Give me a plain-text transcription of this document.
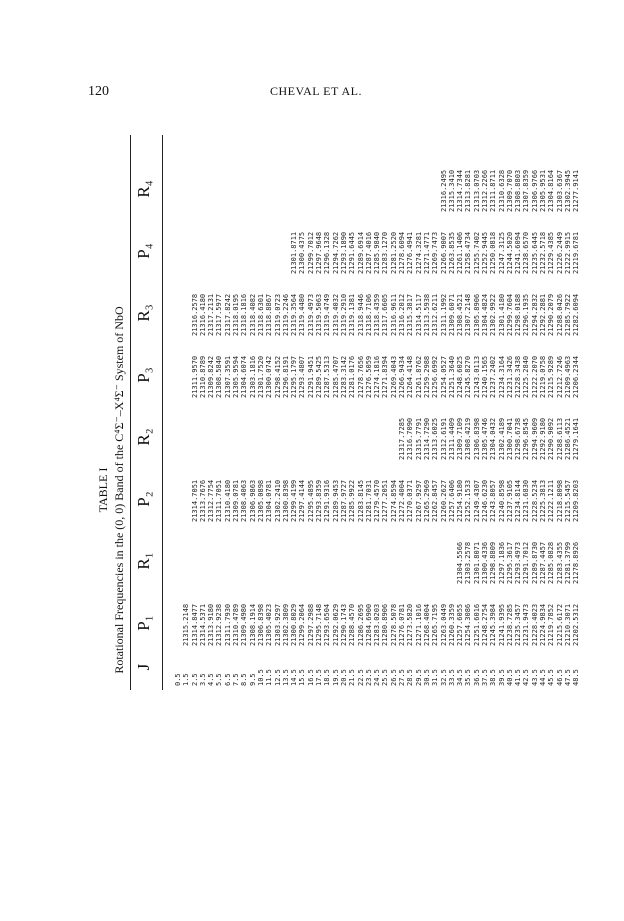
120	CHEVAL ET AL.
TABLE I Rotational Frequencies in the (0, 0) Band of the C⁴Σ⁻–X⁴Σ⁻ System of NbO J
P₁
R₁
P₂
R₂
P₃
R₃
P₄
R₄
0.5 1.5 2.5 3.5 4.5 5.5 6.5 7.5 8.5 9.5 10.5 11.5 12.5 13.5 14.5 15.5 16.5 17.5 18.5 19.5 20.5 21.5 22.5 23.5 24.5 25.5 26.5 27.5 28.5 29.5 30.5 31.5 32.5 33.5 34.5 35.5 36.5 37.5 38.5 39.5 40.5 41.5 42.5 43.5 44.5 45.5 46.5 47.5 48.5

21315.2148 21314.8477 21314.5371 21313.9180 21312.9238 21311.7930 21310.4789 21309.4980 21308.1914 21306.8398 21305.4023 21303.9297 21302.3809 21300.8029 21299.2064 21297.2988 21295.7148 21293.6504 21292.0629 21290.1743 21288.4570 21286.2695 21284.6900 21283.0203 21280.8906 21278.5078 21276.0781 21273.5820 21271.1016 21268.4004 21265.7195 21263.0449 21260.3359 21257.6055 21254.3086 21251.6016 21248.2754 21245.3984 21241.9395 21238.7285 21235.3457 21231.9473 21228.4023 21224.9834 21219.7852 21215.6172 21210.3071 21202.5312

21304.5566 21303.2578 21301.8071 21300.4336 21298.8809 21297.1836 21295.3617 21293.4973 21291.7012 21289.8730 21287.4457 21285.0828 21283.4355 21281.3799 21278.8926

21314.7051 21313.7676 21312.7754 21311.7051 21310.4180 21309.0781 21308.4063 21306.9863 21305.0898 21304.0781 21302.2410 21300.8398 21299.4199 21297.4144 21295.4895 21293.8359 21291.9316 21289.9453 21287.9727 21285.9922 21283.8145 21281.7031 21279.4570 21277.2051 21274.8594 21272.4004 21270.0371 21267.9297 21265.2969 21262.8457 21260.2627 21257.6406 21254.9180 21252.1533 21249.4307 21246.6230 21243.8057 21240.8598 21237.9105 21234.8144 21231.6830 21228.5234 21225.3813 21222.1211 21218.8098 21215.5457 21209.8203

21317.7285 21316.7090 21315.7791 21314.7290 21313.6025 21312.6191 21311.4409 21309.7109 21308.4219 21306.8398 21305.4746 21304.0432 21302.4189 21300.7041 21298.6738 21296.8545 21294.9609 21292.9180 21290.9092 21288.6113 21286.4521 21279.1641

21311.9570 21310.8789 21309.8242 21308.5840 21307.3591 21305.9594 21304.6074 21303.1816 21301.7520 21300.0742 21298.4152 21296.8191 21295.1797 21293.4807 21291.9451 21289.5425 21287.5313 21285.4707 21283.3142 21281.0176 21278.7656 21276.5059 21274.1816 21271.8394 21269.4043 21266.9434 21264.4148 21261.8762 21259.2988 21256.6992 21254.0527 21251.3640 21248.6025 21245.8270 21243.0113 21240.1565 21237.2402 21234.3164 21231.3426 21228.3438 21225.2840 21222.2070 21219.0758 21215.9289 21212.7246 21209.4963 21206.2344

21316.2578 21316.4180 21317.2131 21317.5977 21317.8242 21318.0195 21318.1816 21318.4082 21318.6301 21318.8867 21319.0723 21319.2246 21319.3564 21319.4480 21319.4973 21319.5063 21319.4749 21319.4032 21319.2910 21319.1381 21318.9446 21318.7106 21318.4359 21317.6605 21316.9611 21316.2012 21315.3817 21314.5117 21313.5938 21312.6211 21311.1992 21309.6071 21308.4521 21307.2148 21305.8906 21304.4824 21302.9922 21301.4180 21299.7604 21298.0188 21296.1935 21294.2832 21292.2881 21290.2079 21288.0426 21285.7922 21282.6094

21301.8711 21300.4375 21299.7012 21297.9648 21296.1328 21294.7262 21293.1890 21291.6445 21289.6914 21287.4016 21285.9840 21283.1270 21281.2520 21278.6094 21276.4941 21274.3281 21271.4771 21269.7473 21266.9007 21263.8535 21261.1406 21258.4734 21255.7402 21252.9445 21250.0818 21247.3125 21244.5020 21241.6094 21238.6570 21235.6445 21232.5718 21229.4385 21226.2449 21222.9915 21219.6781

21316.2495 21315.3410 21314.7344 21313.8281 21313.0703 21312.2266 21311.8711 21310.6328 21309.7070 21308.8803 21307.8359 21306.9766 21305.9531 21304.8164 21303.6367 21302.3945 21277.9141
